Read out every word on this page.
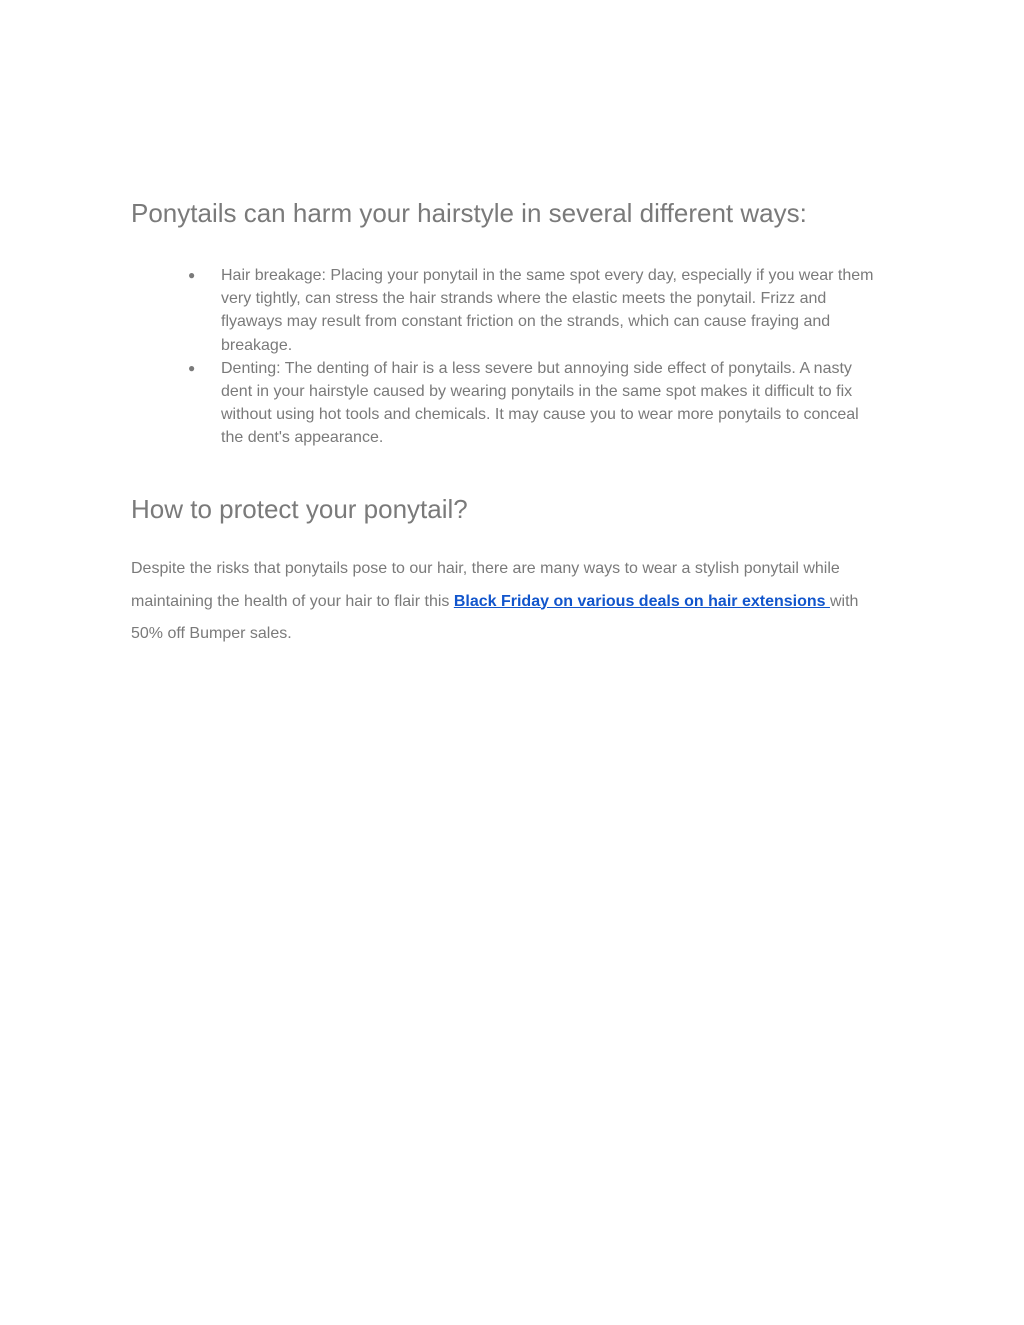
Ponytails can harm your hairstyle in several different ways:
●	Hair breakage: Placing your ponytail in the same spot every day, especially if you wear them very tightly, can stress the hair strands where the elastic meets the ponytail. Frizz and flyaways may result from constant friction on the strands, which can cause fraying and breakage.
●	Denting: The denting of hair is a less severe but annoying side effect of ponytails. A nasty dent in your hairstyle caused by wearing ponytails in the same spot makes it difficult to fix without using hot tools and chemicals. It may cause you to wear more ponytails to conceal the dent's appearance.
How to protect your ponytail?

Despite the risks that ponytails pose to our hair, there are many ways to wear a stylish ponytail while maintaining the health of your hair to flair this Black Friday on various deals on hair extensions with 50% off Bumper sales.
